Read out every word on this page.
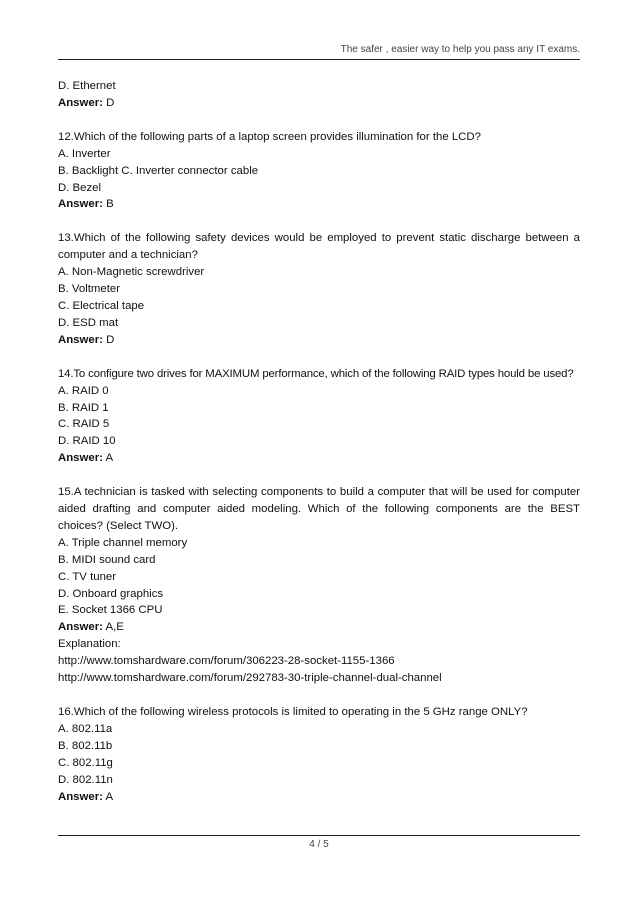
The safer , easier way to help you pass any IT exams.
D. Ethernet
Answer: D
12.Which of the following parts of a laptop screen provides illumination for the LCD?
A. Inverter
B. Backlight C. Inverter connector cable
D. Bezel
Answer: B
13.Which of the following safety devices would be employed to prevent static discharge between a computer and a technician?
A. Non-Magnetic screwdriver
B. Voltmeter
C. Electrical tape
D. ESD mat
Answer: D
14.To configure two drives for MAXIMUM performance, which of the following RAID types hould be used?
A. RAID 0
B. RAID 1
C. RAID 5
D. RAID 10
Answer: A
15.A technician is tasked with selecting components to build a computer that will be used for computer aided drafting and computer aided modeling. Which of the following components are the BEST choices? (Select TWO).
A. Triple channel memory
B. MIDI sound card
C. TV tuner
D. Onboard graphics
E. Socket 1366 CPU
Answer: A,E
Explanation:
http://www.tomshardware.com/forum/306223-28-socket-1155-1366
http://www.tomshardware.com/forum/292783-30-triple-channel-dual-channel
16.Which of the following wireless protocols is limited to operating in the 5 GHz range ONLY?
A. 802.11a
B. 802.11b
C. 802.11g
D. 802.11n
Answer: A
4 / 5
